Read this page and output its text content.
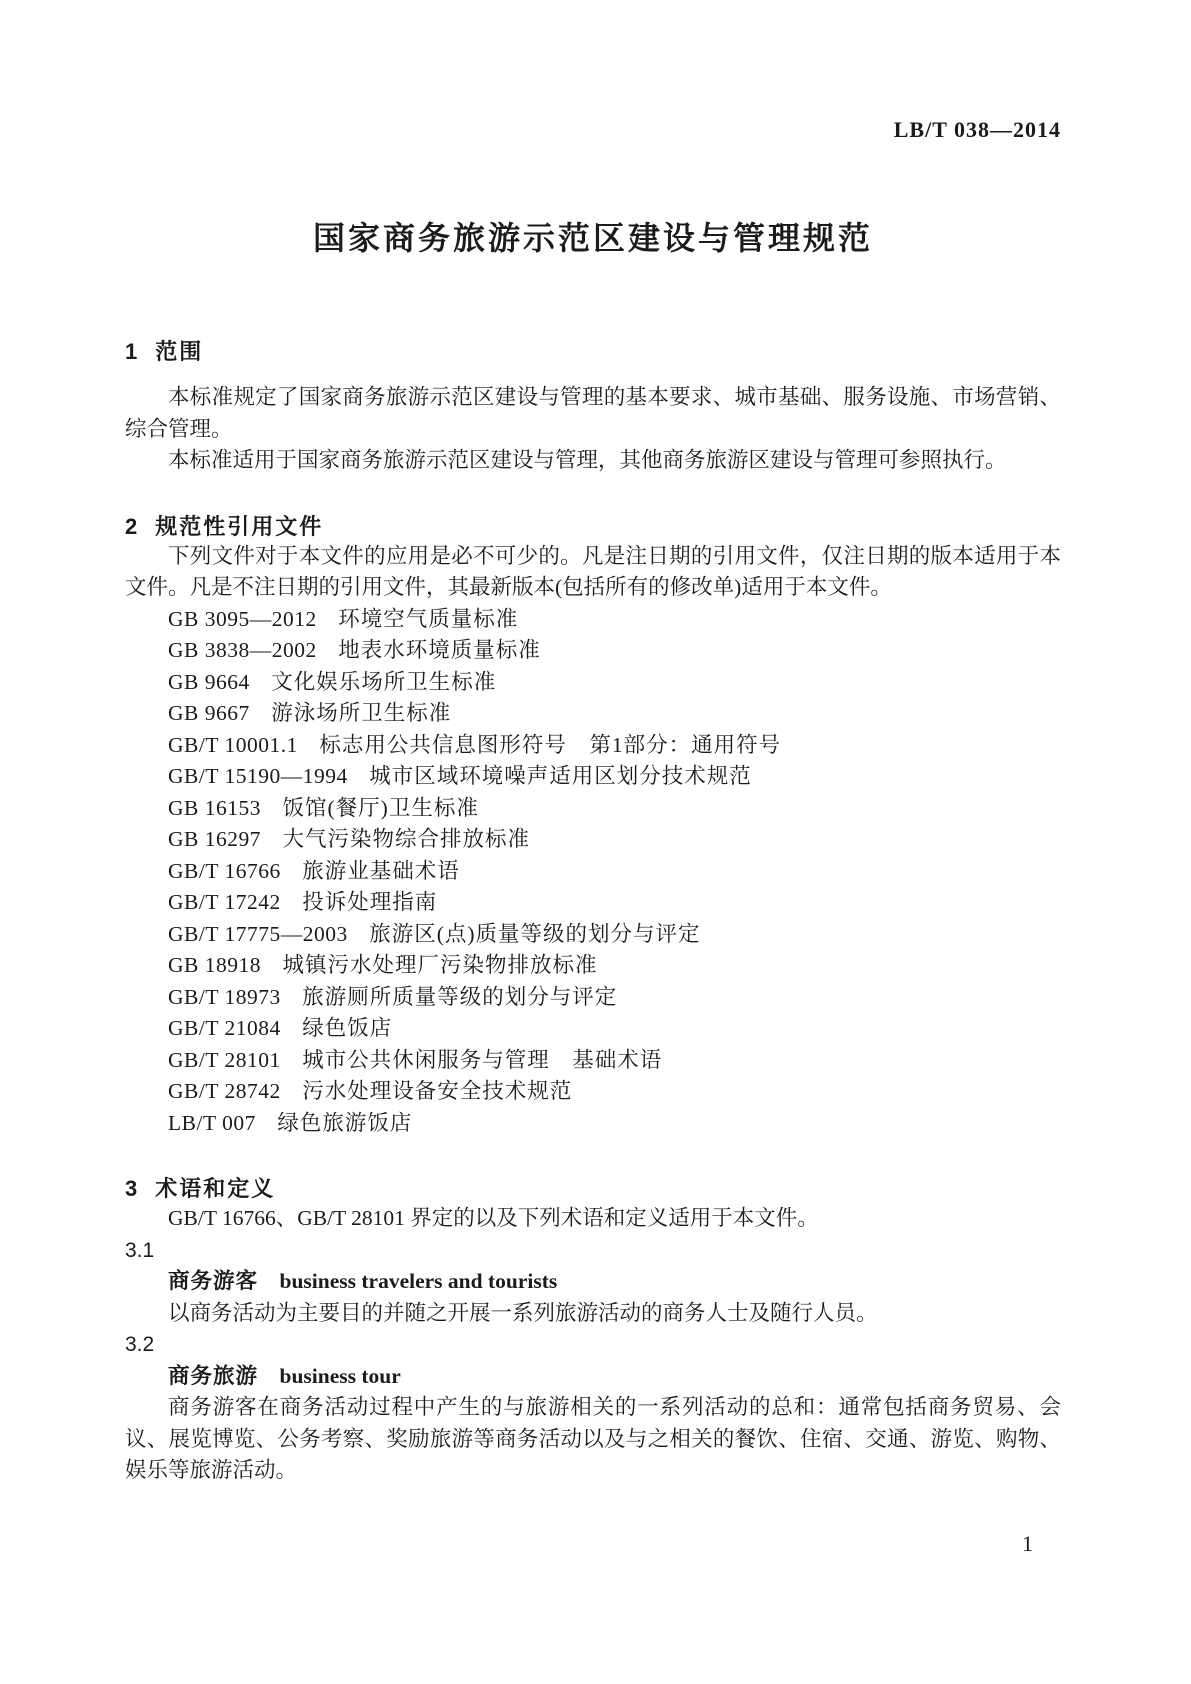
LB/T 038—2014
国家商务旅游示范区建设与管理规范
1 范围

本标准规定了国家商务旅游示范区建设与管理的基本要求、城市基础、服务设施、市场营销、综合管理。

本标准适用于国家商务旅游示范区建设与管理，其他商务旅游区建设与管理可参照执行。

2 规范性引用文件

下列文件对于本文件的应用是必不可少的。凡是注日期的引用文件，仅注日期的版本适用于本文件。凡是不注日期的引用文件，其最新版本(包括所有的修改单)适用于本文件。

GB 3095—2012 环境空气质量标准
GB 3838—2002 地表水环境质量标准
GB 9664 文化娱乐场所卫生标准
GB 9667 游泳场所卫生标准
GB/T 10001.1 标志用公共信息图形符号　第1部分：通用符号
GB/T 15190—1994 城市区域环境噪声适用区划分技术规范
GB 16153 饭馆(餐厅)卫生标准
GB 16297 大气污染物综合排放标准
GB/T 16766 旅游业基础术语
GB/T 17242 投诉处理指南
GB/T 17775—2003 旅游区(点)质量等级的划分与评定
GB 18918 城镇污水处理厂污染物排放标准
GB/T 18973 旅游厕所质量等级的划分与评定
GB/T 21084 绿色饭店
GB/T 28101 城市公共休闲服务与管理　基础术语
GB/T 28742 污水处理设备安全技术规范
LB/T 007 绿色旅游饭店
3 术语和定义

GB/T 16766、GB/T 28101 界定的以及下列术语和定义适用于本文件。

3.1
商务游客 business travelers and tourists

以商务活动为主要目的并随之开展一系列旅游活动的商务人士及随行人员。

3.2
商务旅游 business tour

商务游客在商务活动过程中产生的与旅游相关的一系列活动的总和：通常包括商务贸易、会议、展览博览、公务考察、奖励旅游等商务活动以及与之相关的餐饮、住宿、交通、游览、购物、娱乐等旅游活动。

1
